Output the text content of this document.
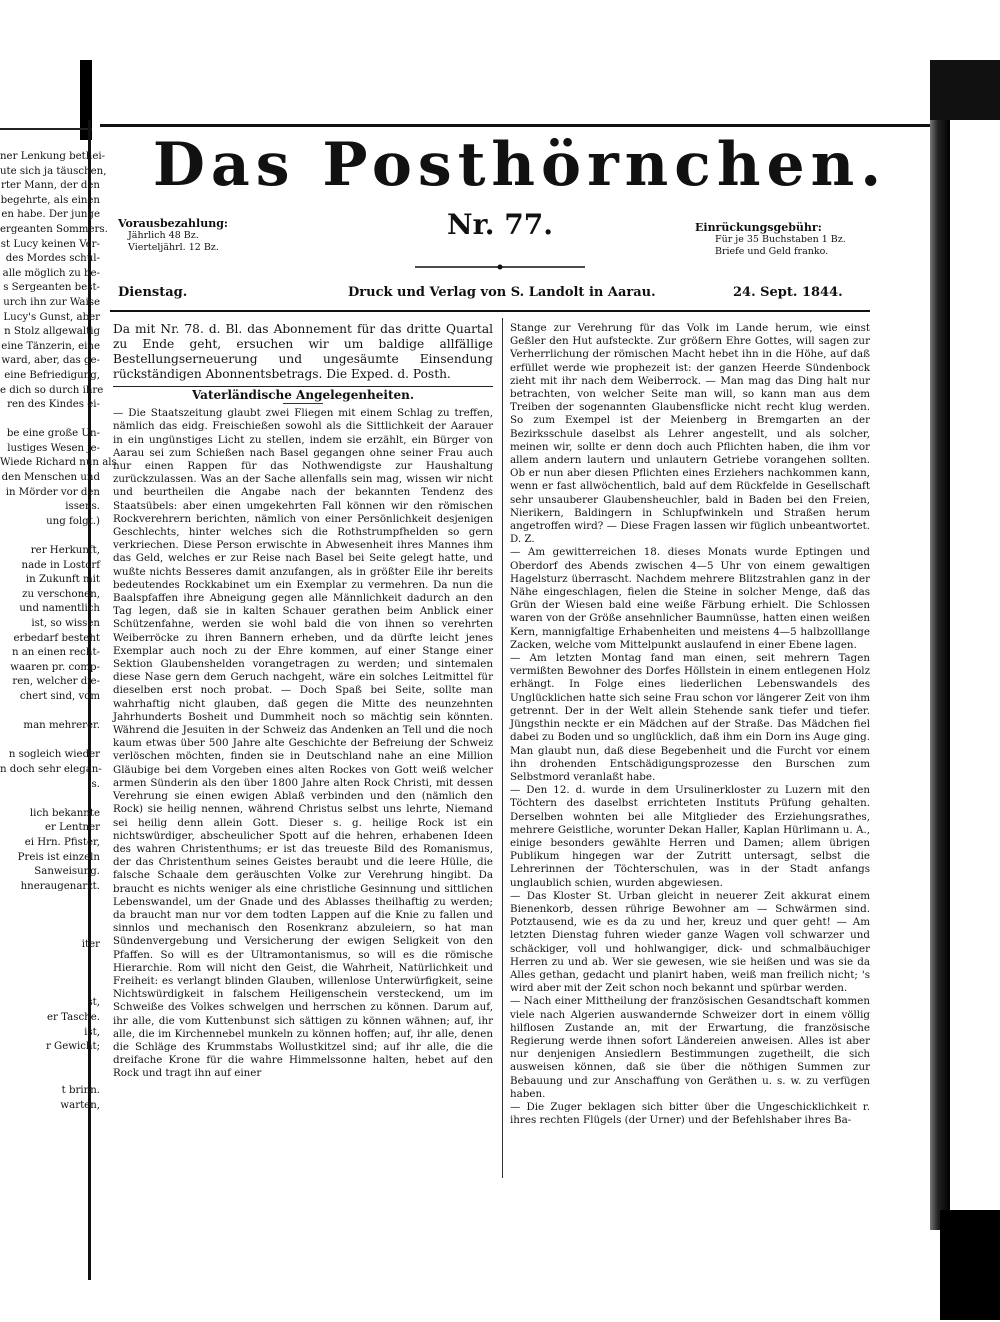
ner Lenkung bethei-
ute sich ja täuschen,
rter Mann, der den
begehrte, als einen
en habe. Der junge
ergeanten Sommers.
st Lucy keinen Ver-
des Mordes schul-
alle möglich zu be-
s Sergeanten best-
urch ihn zur Waise
Lucy's Gunst, aber
n Stolz allgewaltig
eine Tänzerin, eine
ward, aber, das ge-
eine Befriedigung,
e dich so durch ihre
ren des Kindes ei-

be eine große Un-
lustiges Wesen je-
Wiede Richard nun als
den Menschen und
in Mörder vor den
issens.
ung folgt.)

rer Herkunft,
nade in Lostorf
in Zukunft mit
zu verschonen,
und namentlich
ist, so wissen
erbedarf besteht
n an einen recht-
waaren pr. comp-
ren, welcher die-
chert sind, vom

man mehrerer.

n sogleich wieder
n doch sehr elegan-
s.

lich bekannte
er Lentner
ei Hrn. Pfister,
Preis ist einzeln
Sanweisung.
hneraugenarzt.

iter

st,
er Tasche.
ist,
r Gewicht;

t brinn.
warten,
Das Posthörnchen.
Vorausbezahlung:
Jährlich 48 Bz.
Vierteljährl. 12 Bz.
Nr. 77.	Einrückungsgebühr:
Für je 35 Buchstaben 1 Bz.
Briefe und Geld franko.
Dienstag.	Druck und Verlag von S. Landolt in Aarau.	24. Sept. 1844.

Da mit Nr. 78. d. Bl. das Abonnement für das dritte Quartal zu Ende geht, ersuchen wir um baldige allfällige Bestellungserneuerung und ungesäumte Einsendung rückständigen Abonnentsbetrags. Die Exped. d. Posth.

Vaterländische Angelegenheiten.

— Die Staatszeitung glaubt zwei Fliegen mit einem Schlag zu treffen, nämlich das eidg. Freischießen sowohl als die Sittlichkeit der Aarauer in ein ungünstiges Licht zu stellen, indem sie erzählt, ein Bürger von Aarau sei zum Schießen nach Basel gegangen ohne seiner Frau auch nur einen Rappen für das Nothwendigste zur Haushaltung zurückzulassen. Was an der Sache allenfalls sein mag, wissen wir nicht und beurtheilen die Angabe nach der bekannten Tendenz des Staatsübels: aber einen umgekehrten Fall können wir den römischen Rockverehrern berichten, nämlich von einer Persönlichkeit desjenigen Geschlechts, hinter welches sich die Rothstrumpfhelden so gern verkriechen. Diese Person erwischte in Abwesenheit ihres Mannes ihm das Geld, welches er zur Reise nach Basel bei Seite gelegt hatte, und wußte nichts Besseres damit anzufangen, als in größter Eile ihr bereits bedeutendes Rockkabinet um ein Exemplar zu vermehren. Da nun die Baalspfaffen ihre Abneigung gegen alle Männlichkeit dadurch an den Tag legen, daß sie in kalten Schauer gerathen beim Anblick einer Schützenfahne, werden sie wohl bald die von ihnen so verehrten Weiberröcke zu ihren Bannern erheben, und da dürfte leicht jenes Exemplar auch noch zu der Ehre kommen, auf einer Stange einer Sektion Glaubenshelden vorangetragen zu werden; und sintemalen diese Nase gern dem Geruch nachgeht, wäre ein solches Leitmittel für dieselben erst noch probat. — Doch Spaß bei Seite, sollte man wahrhaftig nicht glauben, daß gegen die Mitte des neunzehnten Jahrhunderts Bosheit und Dummheit noch so mächtig sein könnten. Während die Jesuiten in der Schweiz das Andenken an Tell und die noch kaum etwas über 500 Jahre alte Geschichte der Befreiung der Schweiz verlöschen möchten, finden sie in Deutschland nahe an eine Million Gläubige bei dem Vorgeben eines alten Rockes von Gott weiß welcher armen Sünderin als den über 1800 Jahre alten Rock Christi, mit dessen Verehrung sie einen ewigen Ablaß verbinden und den (nämlich den Rock) sie heilig nennen, während Christus selbst uns lehrte, Niemand sei heilig denn allein Gott. Dieser s. g. heilige Rock ist ein nichtswürdiger, abscheulicher Spott auf die hehren, erhabenen Ideen des wahren Christenthums; er ist das treueste Bild des Romanismus, der das Christenthum seines Geistes beraubt und die leere Hülle, die falsche Schaale dem geräuschten Volke zur Verehrung hingibt. Da braucht es nichts weniger als eine christliche Gesinnung und sittlichen Lebenswandel, um der Gnade und des Ablasses theilhaftig zu werden; da braucht man nur vor dem todten Lappen auf die Knie zu fallen und sinnlos und mechanisch den Rosenkranz abzuleiern, so hat man Sündenvergebung und Versicherung der ewigen Seligkeit von den Pfaffen. So will es der Ultramontanismus, so will es die römische Hierarchie. Rom will nicht den Geist, die Wahrheit, Natürlichkeit und Freiheit: es verlangt blinden Glauben, willenlose Unterwürfigkeit, seine Nichtswürdigkeit in falschem Heiligenschein versteckend, um im Schweiße des Volkes schwelgen und herrschen zu können. Darum auf, ihr alle, die vom Kuttenbunst sich sättigen zu können wähnen; auf, ihr alle, die im Kirchennebel munkeln zu können hoffen; auf, ihr alle, denen die Schläge des Krummstabs Wollustkitzel sind; auf ihr alle, die die dreifache Krone für die wahre Himmelssonne halten, hebet auf den Rock und tragt ihn auf einer

Stange zur Verehrung für das Volk im Lande herum, wie einst Geßler den Hut aufsteckte. Zur größern Ehre Gottes, will sagen zur Verherrlichung der römischen Macht hebet ihn in die Höhe, auf daß erfüllet werde wie prophezeit ist: der ganzen Heerde Sündenbock zieht mit ihr nach dem Weiberrock. — Man mag das Ding halt nur betrachten, von welcher Seite man will, so kann man aus dem Treiben der sogenannten Glaubensflicke nicht recht klug werden. So zum Exempel ist der Meienberg in Bremgarten an der Bezirksschule daselbst als Lehrer angestellt, und als solcher, meinen wir, sollte er denn doch auch Pflichten haben, die ihm vor allem andern lautern und unlautern Getriebe vorangehen sollten. Ob er nun aber diesen Pflichten eines Erziehers nachkommen kann, wenn er fast allwöchentlich, bald auf dem Rückfelde in Gesellschaft sehr unsauberer Glaubensheuchler, bald in Baden bei den Freien, Nierikern, Baldingern in Schlupfwinkeln und Straßen herum angetroffen wird? — Diese Fragen lassen wir füglich unbeantwortet. D. Z.

— Am gewitterreichen 18. dieses Monats wurde Eptingen und Oberdorf des Abends zwischen 4—5 Uhr von einem gewaltigen Hagelsturz überrascht. Nachdem mehrere Blitzstrahlen ganz in der Nähe eingeschlagen, fielen die Steine in solcher Menge, daß das Grün der Wiesen bald eine weiße Färbung erhielt. Die Schlossen waren von der Größe ansehnlicher Baumnüsse, hatten einen weißen Kern, mannigfaltige Erhabenheiten und meistens 4—5 halbzolllange Zacken, welche vom Mittelpunkt auslaufend in einer Ebene lagen.

— Am letzten Montag fand man einen, seit mehrern Tagen vermißten Bewohner des Dorfes Höllstein in einem entlegenen Holz erhängt. In Folge eines liederlichen Lebenswandels des Unglücklichen hatte sich seine Frau schon vor längerer Zeit von ihm getrennt. Der in der Welt allein Stehende sank tiefer und tiefer. Jüngsthin neckte er ein Mädchen auf der Straße. Das Mädchen fiel dabei zu Boden und so unglücklich, daß ihm ein Dorn ins Auge ging. Man glaubt nun, daß diese Begebenheit und die Furcht vor einem ihn drohenden Entschädigungsprozesse den Burschen zum Selbstmord veranlaßt habe.

— Den 12. d. wurde in dem Ursulinerkloster zu Luzern mit den Töchtern des daselbst errichteten Instituts Prüfung gehalten. Derselben wohnten bei alle Mitglieder des Erziehungsrathes, mehrere Geistliche, worunter Dekan Haller, Kaplan Hürlimann u. A., einige besonders gewählte Herren und Damen; allem übrigen Publikum hingegen war der Zutritt untersagt, selbst die Lehrerinnen der Töchterschulen, was in der Stadt anfangs unglaublich schien, wurden abgewiesen.

— Das Kloster St. Urban gleicht in neuerer Zeit akkurat einem Bienenkorb, dessen rührige Bewohner am — Schwärmen sind. Potztausend, wie es da zu und her, kreuz und quer geht! — Am letzten Dienstag fuhren wieder ganze Wagen voll schwarzer und schäckiger, voll und hohlwangiger, dick- und schmalbäuchiger Herren zu und ab. Wer sie gewesen, wie sie heißen und was sie da Alles gethan, gedacht und planirt haben, weiß man freilich nicht; 's wird aber mit der Zeit schon noch bekannt und spürbar werden.

— Nach einer Mittheilung der französischen Gesandtschaft kommen viele nach Algerien auswandernde Schweizer dort in einem völlig hilflosen Zustande an, mit der Erwartung, die französische Regierung werde ihnen sofort Ländereien anweisen. Alles ist aber nur denjenigen Ansiedlern Bestimmungen zugetheilt, die sich ausweisen können, daß sie über die nöthigen Summen zur Bebauung und zur Anschaffung von Geräthen u. s. w. zu verfügen haben.

— Die Zuger beklagen sich bitter über die Ungeschicklichkeit r. ihres rechten Flügels (der Urner) und der Befehlshaber ihres Ba-
